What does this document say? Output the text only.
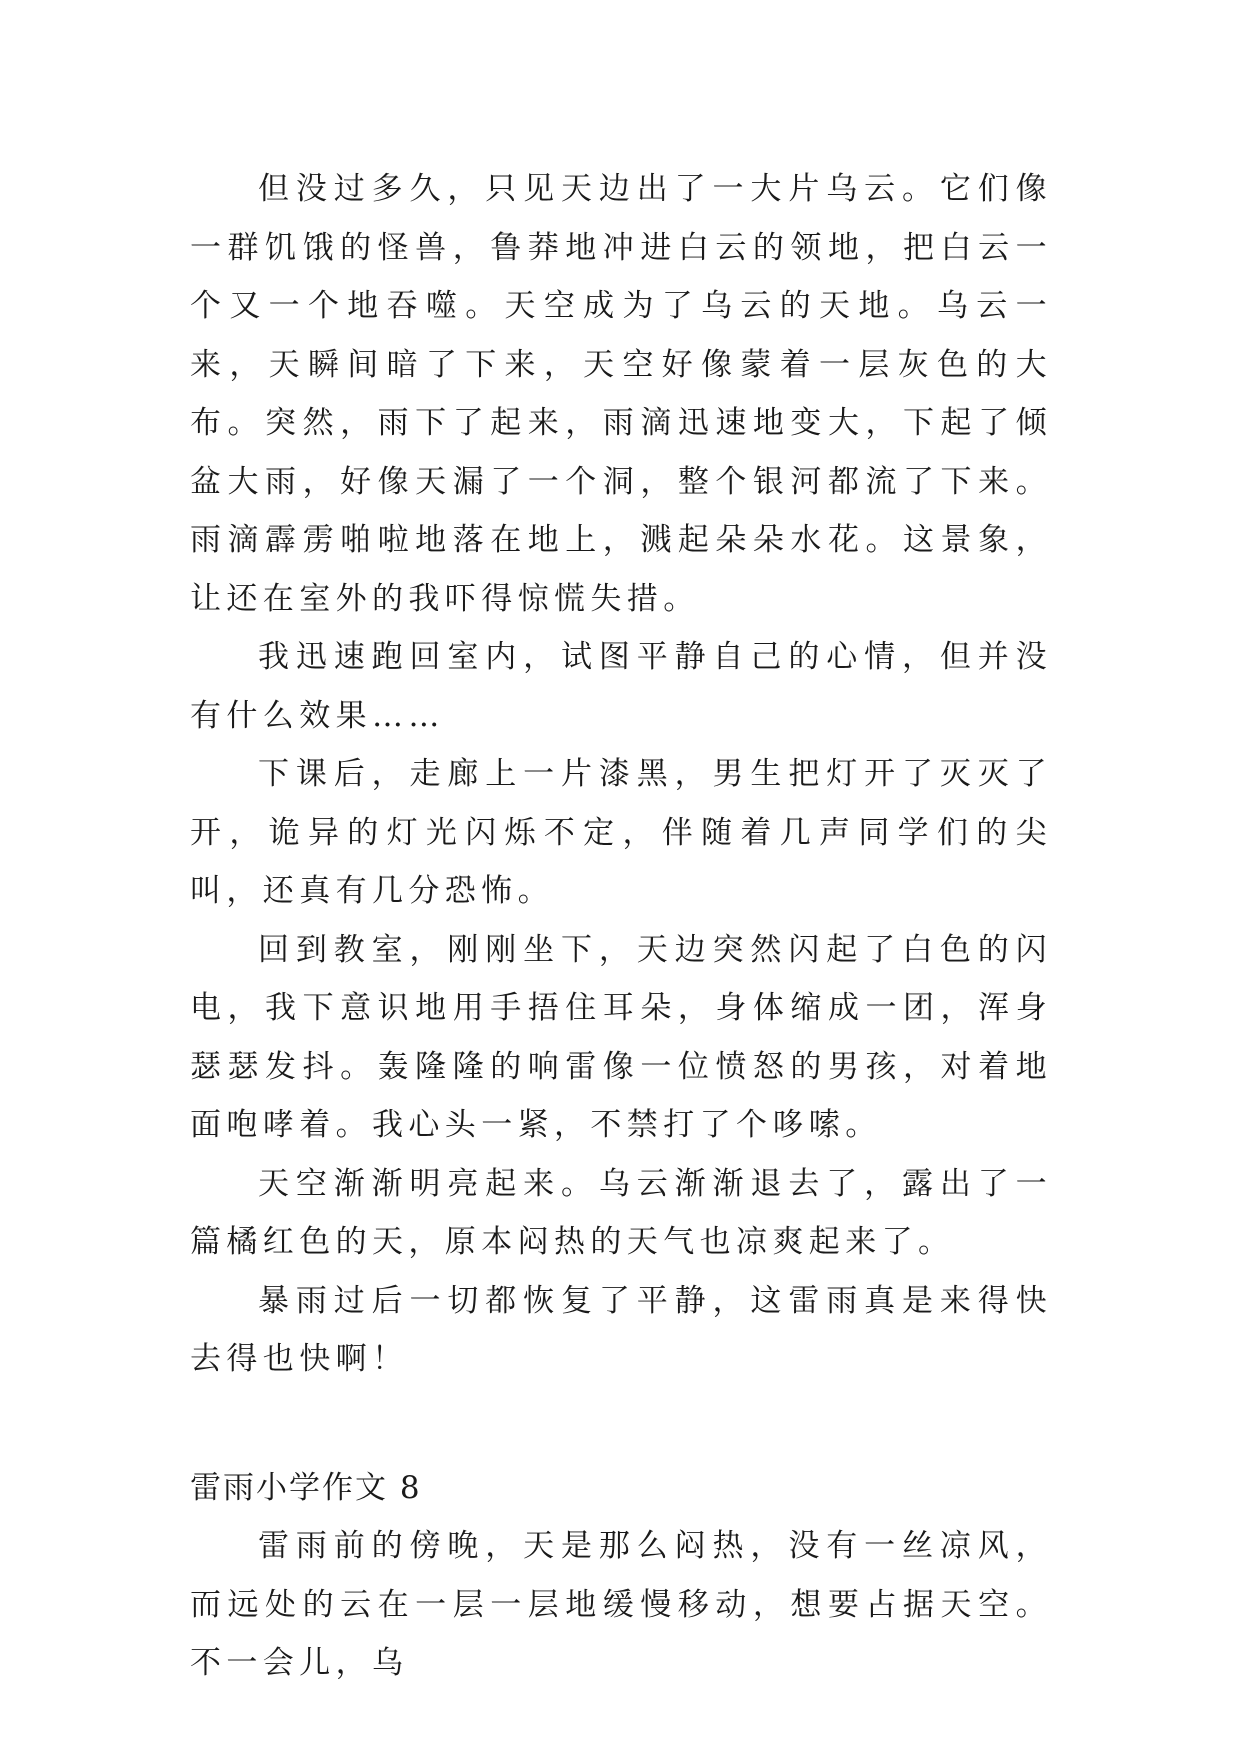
但没过多久，只见天边出了一大片乌云。它们像一群饥饿的怪兽，鲁莽地冲进白云的领地，把白云一个又一个地吞噬。天空成为了乌云的天地。乌云一来，天瞬间暗了下来，天空好像蒙着一层灰色的大布。突然，雨下了起来，雨滴迅速地变大，下起了倾盆大雨，好像天漏了一个洞，整个银河都流了下来。雨滴霹雳啪啦地落在地上，溅起朵朵水花。这景象，让还在室外的我吓得惊慌失措。

我迅速跑回室内，试图平静自己的心情，但并没有什么效果……

下课后，走廊上一片漆黑，男生把灯开了灭灭了开，诡异的灯光闪烁不定，伴随着几声同学们的尖叫，还真有几分恐怖。

回到教室，刚刚坐下，天边突然闪起了白色的闪电，我下意识地用手捂住耳朵，身体缩成一团，浑身瑟瑟发抖。轰隆隆的响雷像一位愤怒的男孩，对着地面咆哮着。我心头一紧，不禁打了个哆嗦。

天空渐渐明亮起来。乌云渐渐退去了，露出了一篇橘红色的天，原本闷热的天气也凉爽起来了。

暴雨过后一切都恢复了平静，这雷雨真是来得快去得也快啊！

雷雨小学作文 8

雷雨前的傍晚，天是那么闷热，没有一丝凉风，而远处的云在一层一层地缓慢移动，想要占据天空。不一会儿，乌
